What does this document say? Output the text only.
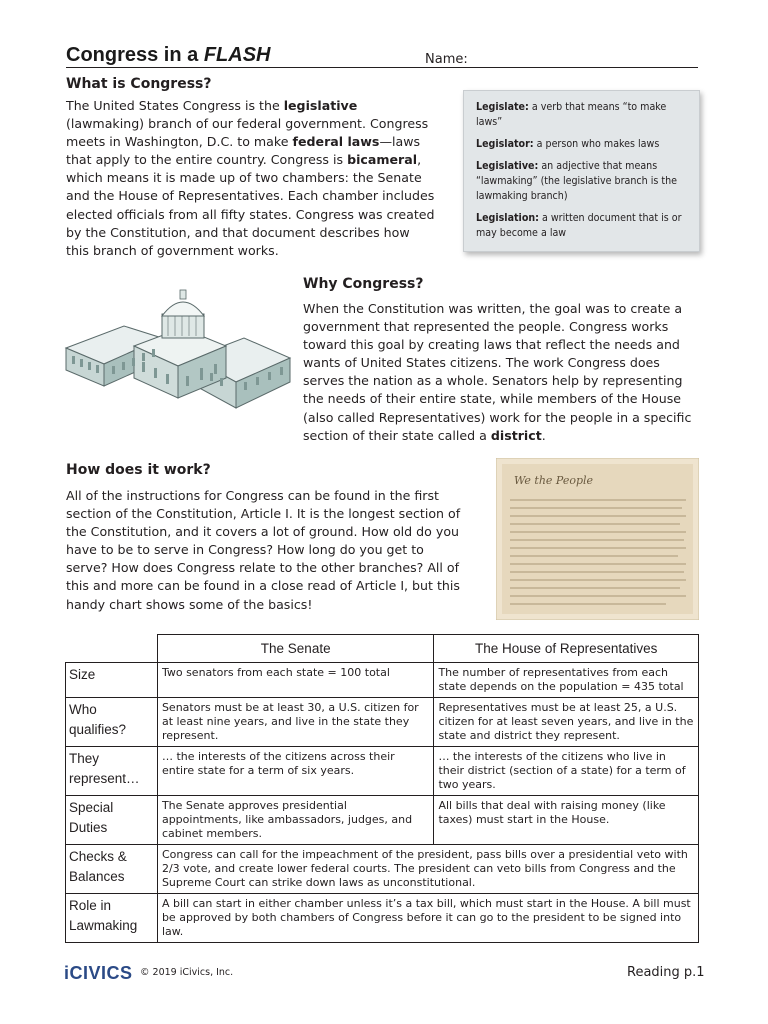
Congress in a FLASH	Name:
What is Congress?
The United States Congress is the legislative (lawmaking) branch of our federal government. Congress meets in Washington, D.C. to make federal laws—laws that apply to the entire country. Congress is bicameral, which means it is made up of two chambers: the Senate and the House of Representatives. Each chamber includes elected officials from all fifty states. Congress was created by the Constitution, and that document describes how this branch of government works.

Legislate: a verb that means “to make laws”

Legislator: a person who makes laws

Legislative: an adjective that means “lawmaking” (the legislative branch is the lawmaking branch)

Legislation: a written document that is or may become a law

Why Congress?
When the Constitution was written, the goal was to create a government that represented the people. Congress works toward this goal by creating laws that reflect the needs and wants of United States citizens. The work Congress does serves the nation as a whole. Senators help by representing the needs of their entire state, while members of the House (also called Representatives) work for the people in a specific section of their state called a district.
How does it work?
All of the instructions for Congress can be found in the first section of the Constitution, Article I. It is the longest section of the Constitution, and it covers a lot of ground. How old do you have to be to serve in Congress? How long do you get to serve? How does Congress relate to the other branches? All of this and more can be found in a close read of Article I, but this handy chart shows some of the basics!
We the People
	The Senate	The House of Representatives
Size	Two senators from each state = 100 total	The number of representatives from each state depends on the population = 435 total
Who qualifies?	Senators must be at least 30, a U.S. citizen for at least nine years, and live in the state they represent.	Representatives must be at least 25, a U.S. citizen for at least seven years, and live in the state and district they represent.
They represent…	… the interests of the citizens across their entire state for a term of six years.	… the interests of the citizens who live in their district (section of a state) for a term of two years.
Special Duties	The Senate approves presidential appointments, like ambassadors, judges, and cabinet members.	All bills that deal with raising money (like taxes) must start in the House.
Checks & Balances	Congress can call for the impeachment of the president, pass bills over a presidential veto with 2/3 vote, and create lower federal courts. The president can veto bills from Congress and the Supreme Court can strike down laws as unconstitutional.	
Role in Lawmaking	A bill can start in either chamber unless it’s a tax bill, which must start in the House. A bill must be approved by both chambers of Congress before it can go to the president to be signed into law.	
iCIVICS © 2019 iCivics, Inc.	Reading p.1
